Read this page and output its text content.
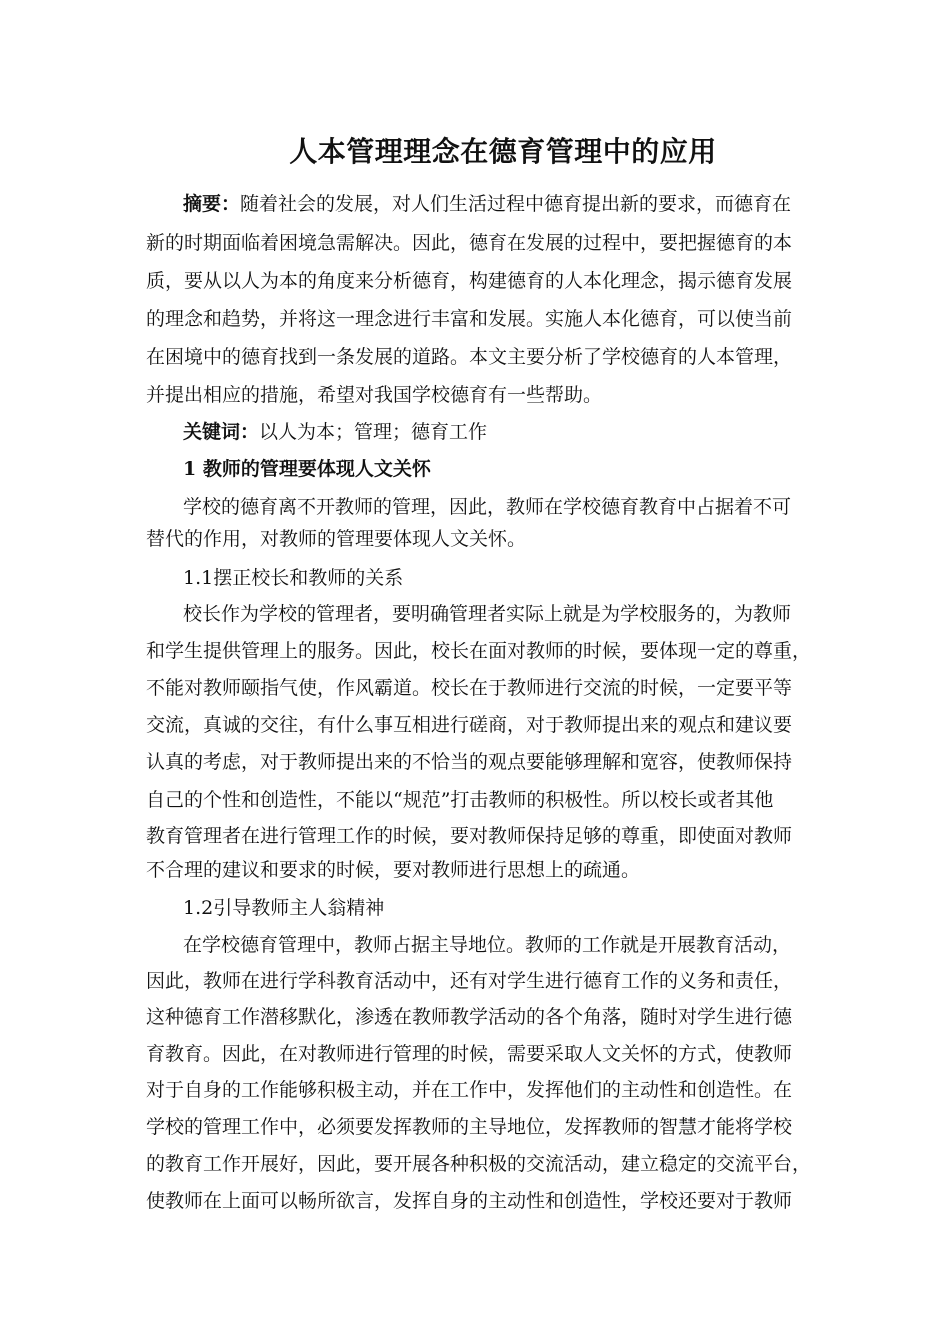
人本管理理念在德育管理中的应用
摘要：随着社会的发展，对人们生活过程中德育提出新的要求，而德育在
新的时期面临着困境急需解决。因此，德育在发展的过程中，要把握德育的本
质，要从以人为本的角度来分析德育，构建德育的人本化理念，揭示德育发展
的理念和趋势，并将这一理念进行丰富和发展。实施人本化德育，可以使当前
在困境中的德育找到一条发展的道路。本文主要分析了学校德育的人本管理，
并提出相应的措施，希望对我国学校德育有一些帮助。
关键词：以人为本；管理；德育工作
1 教师的管理要体现人文关怀
学校的德育离不开教师的管理，因此，教师在学校德育教育中占据着不可
替代的作用，对教师的管理要体现人文关怀。
1.1摆正校长和教师的关系
校长作为学校的管理者，要明确管理者实际上就是为学校服务的，为教师
和学生提供管理上的服务。因此，校长在面对教师的时候，要体现一定的尊重，
不能对教师颐指气使，作风霸道。校长在于教师进行交流的时候，一定要平等
交流，真诚的交往，有什么事互相进行磋商，对于教师提出来的观点和建议要
认真的考虑，对于教师提出来的不恰当的观点要能够理解和宽容，使教师保持
自己的个性和创造性，不能以“规范”打击教师的积极性。所以校长或者其他
教育管理者在进行管理工作的时候，要对教师保持足够的尊重，即使面对教师
不合理的建议和要求的时候，要对教师进行思想上的疏通。
1.2引导教师主人翁精神
在学校德育管理中，教师占据主导地位。教师的工作就是开展教育活动，
因此，教师在进行学科教育活动中，还有对学生进行德育工作的义务和责任，
这种德育工作潜移默化，渗透在教师教学活动的各个角落，随时对学生进行德
育教育。因此，在对教师进行管理的时候，需要采取人文关怀的方式，使教师
对于自身的工作能够积极主动，并在工作中，发挥他们的主动性和创造性。在
学校的管理工作中，必须要发挥教师的主导地位，发挥教师的智慧才能将学校
的教育工作开展好，因此，要开展各种积极的交流活动，建立稳定的交流平台，
使教师在上面可以畅所欲言，发挥自身的主动性和创造性，学校还要对于教师
